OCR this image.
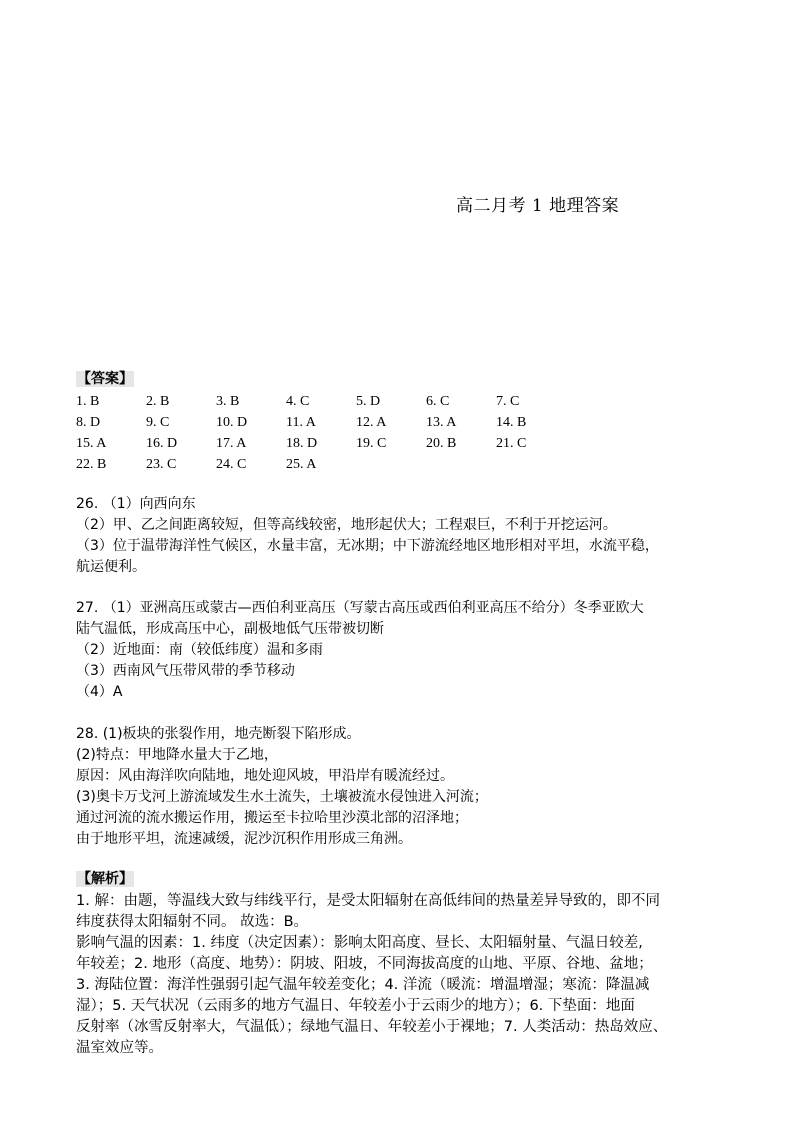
高二月考 1 地理答案
【答案】
1. B	2. B	3. B	4. C	5. D	6. C	7. C
8. D	9. C	10. D	11. A	12. A	13. A	14. B
15. A	16. D	17. A	18. D	19. C	20. B	21. C
22. B	23. C	24. C	25. A
26. （1）向西向东
（2）甲、乙之间距离较短，但等高线较密，地形起伏大；工程艰巨，不利于开挖运河。
（3）位于温带海洋性气候区，水量丰富，无冰期；中下游流经地区地形相对平坦，水流平稳，
航运便利。
27. （1）亚洲高压或蒙古—西伯利亚高压（写蒙古高压或西伯利亚高压不给分）冬季亚欧大
陆气温低，形成高压中心，副极地低气压带被切断
（2）近地面：南（较低纬度）温和多雨
（3）西南风气压带风带的季节移动
（4）A
28. (1)板块的张裂作用，地壳断裂下陷形成。
(2)特点：甲地降水量大于乙地，
原因：风由海洋吹向陆地，地处迎风坡，甲沿岸有暖流经过。
(3)奥卡万戈河上游流域发生水土流失，土壤被流水侵蚀进入河流；
通过河流的流水搬运作用，搬运至卡拉哈里沙漠北部的沼泽地；
由于地形平坦，流速减缓，泥沙沉积作用形成三角洲。
【解析】
1. 解：由题，等温线大致与纬线平行，是受太阳辐射在高低纬间的热量差异导致的，即不同
纬度获得太阳辐射不同。 故选：B。
影响气温的因素：1. 纬度（决定因素）：影响太阳高度、昼长、太阳辐射量、气温日较差,
年较差；2. 地形（高度、地势）：阴坡、阳坡，不同海拔高度的山地、平原、谷地、盆地；
3. 海陆位置：海洋性强弱引起气温年较差变化；4. 洋流（暖流：增温增湿；寒流：降温减
湿）；5. 天气状况（云雨多的地方气温日、年较差小于云雨少的地方）；6. 下垫面：地面
反射率（冰雪反射率大，气温低）；绿地气温日、年较差小于裸地；7. 人类活动：热岛效应、
温室效应等。
